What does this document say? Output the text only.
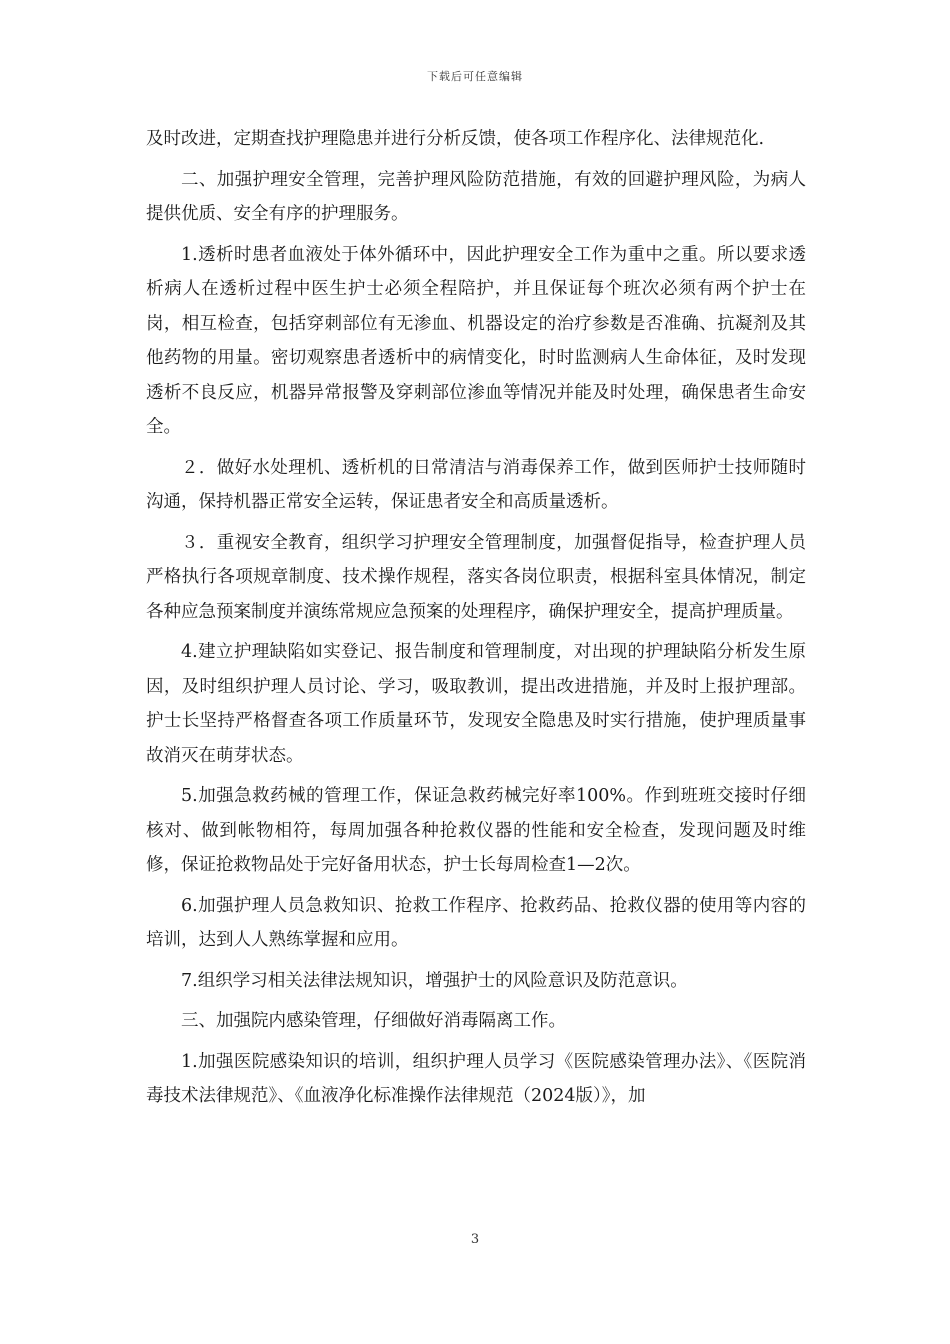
下载后可任意编辑

及时改进，定期查找护理隐患并进行分析反馈，使各项工作程序化、法律规范化.

二、加强护理安全管理，完善护理风险防范措施，有效的回避护理风险，为病人提供优质、安全有序的护理服务。

1.透析时患者血液处于体外循环中，因此护理安全工作为重中之重。所以要求透析病人在透析过程中医生护士必须全程陪护，并且保证每个班次必须有两个护士在岗，相互检查，包括穿刺部位有无渗血、机器设定的治疗参数是否准确、抗凝剂及其他药物的用量。密切观察患者透析中的病情变化，时时监测病人生命体征，及时发现透析不良反应，机器异常报警及穿刺部位渗血等情况并能及时处理，确保患者生命安全。

２．做好水处理机、透析机的日常清洁与消毒保养工作，做到医师护士技师随时沟通，保持机器正常安全运转，保证患者安全和高质量透析。

３．重视安全教育，组织学习护理安全管理制度，加强督促指导，检查护理人员严格执行各项规章制度、技术操作规程，落实各岗位职责，根据科室具体情况，制定各种应急预案制度并演练常规应急预案的处理程序，确保护理安全，提高护理质量。

4.建立护理缺陷如实登记、报告制度和管理制度，对出现的护理缺陷分析发生原因，及时组织护理人员讨论、学习，吸取教训，提出改进措施，并及时上报护理部。护士长坚持严格督查各项工作质量环节，发现安全隐患及时实行措施，使护理质量事故消灭在萌芽状态。

5.加强急救药械的管理工作，保证急救药械完好率100%。作到班班交接时仔细核对、做到帐物相符，每周加强各种抢救仪器的性能和安全检查，发现问题及时维修，保证抢救物品处于完好备用状态，护士长每周检查1—2次。

6.加强护理人员急救知识、抢救工作程序、抢救药品、抢救仪器的使用等内容的培训，达到人人熟练掌握和应用。

7.组织学习相关法律法规知识，增强护士的风险意识及防范意识。

三、加强院内感染管理，仔细做好消毒隔离工作。

1.加强医院感染知识的培训，组织护理人员学习《医院感染管理办法》、《医院消毒技术法律规范》、《血液净化标准操作法律规范（2024版）》，加

3
